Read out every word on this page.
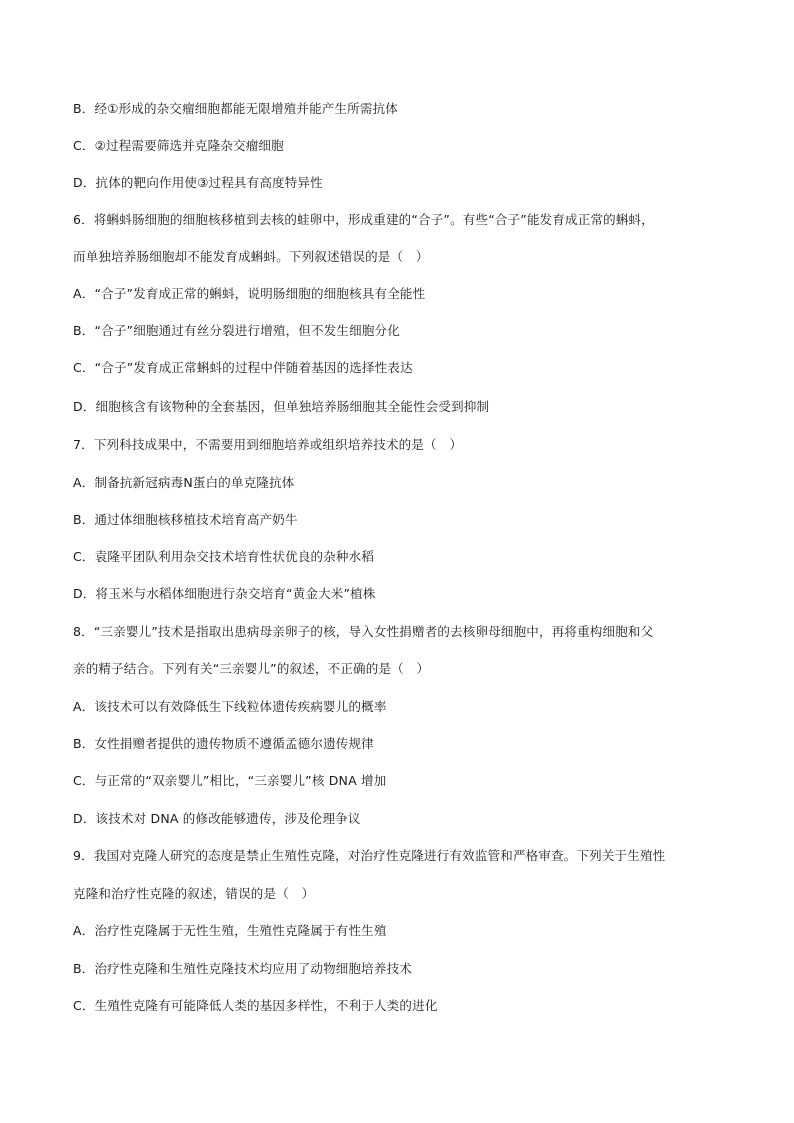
B．经①形成的杂交瘤细胞都能无限增殖并能产生所需抗体
C．②过程需要筛选并克隆杂交瘤细胞
D．抗体的靶向作用使③过程具有高度特异性
6．将蝌蚪肠细胞的细胞核移植到去核的蛙卵中，形成重建的“合子”。有些“合子”能发育成正常的蝌蚪，
而单独培养肠细胞却不能发育成蝌蚪。下列叙述错误的是（　）
A．“合子”发育成正常的蝌蚪，说明肠细胞的细胞核具有全能性
B．“合子”细胞通过有丝分裂进行增殖，但不发生细胞分化
C．“合子”发育成正常蝌蚪的过程中伴随着基因的选择性表达
D．细胞核含有该物种的全套基因，但单独培养肠细胞其全能性会受到抑制
7．下列科技成果中，不需要用到细胞培养或组织培养技术的是（　）
A．制备抗新冠病毒N蛋白的单克隆抗体
B．通过体细胞核移植技术培育高产奶牛
C．袁隆平团队利用杂交技术培育性状优良的杂种水稻
D．将玉米与水稻体细胞进行杂交培育“黄金大米”植株
8．“三亲婴儿”技术是指取出患病母亲卵子的核，导入女性捐赠者的去核卵母细胞中，再将重构细胞和父
亲的精子结合。下列有关“三亲婴儿”的叙述，不正确的是（　）
A．该技术可以有效降低生下线粒体遗传疾病婴儿的概率
B．女性捐赠者提供的遗传物质不遵循孟德尔遗传规律
C．与正常的“双亲婴儿”相比，“三亲婴儿”核 DNA 增加
D．该技术对 DNA 的修改能够遗传，涉及伦理争议
9．我国对克隆人研究的态度是禁止生殖性克隆，对治疗性克隆进行有效监管和严格审查。下列关于生殖性
克隆和治疗性克隆的叙述，错误的是（　）
A．治疗性克隆属于无性生殖，生殖性克隆属于有性生殖
B．治疗性克隆和生殖性克隆技术均应用了动物细胞培养技术
C．生殖性克隆有可能降低人类的基因多样性，不利于人类的进化
